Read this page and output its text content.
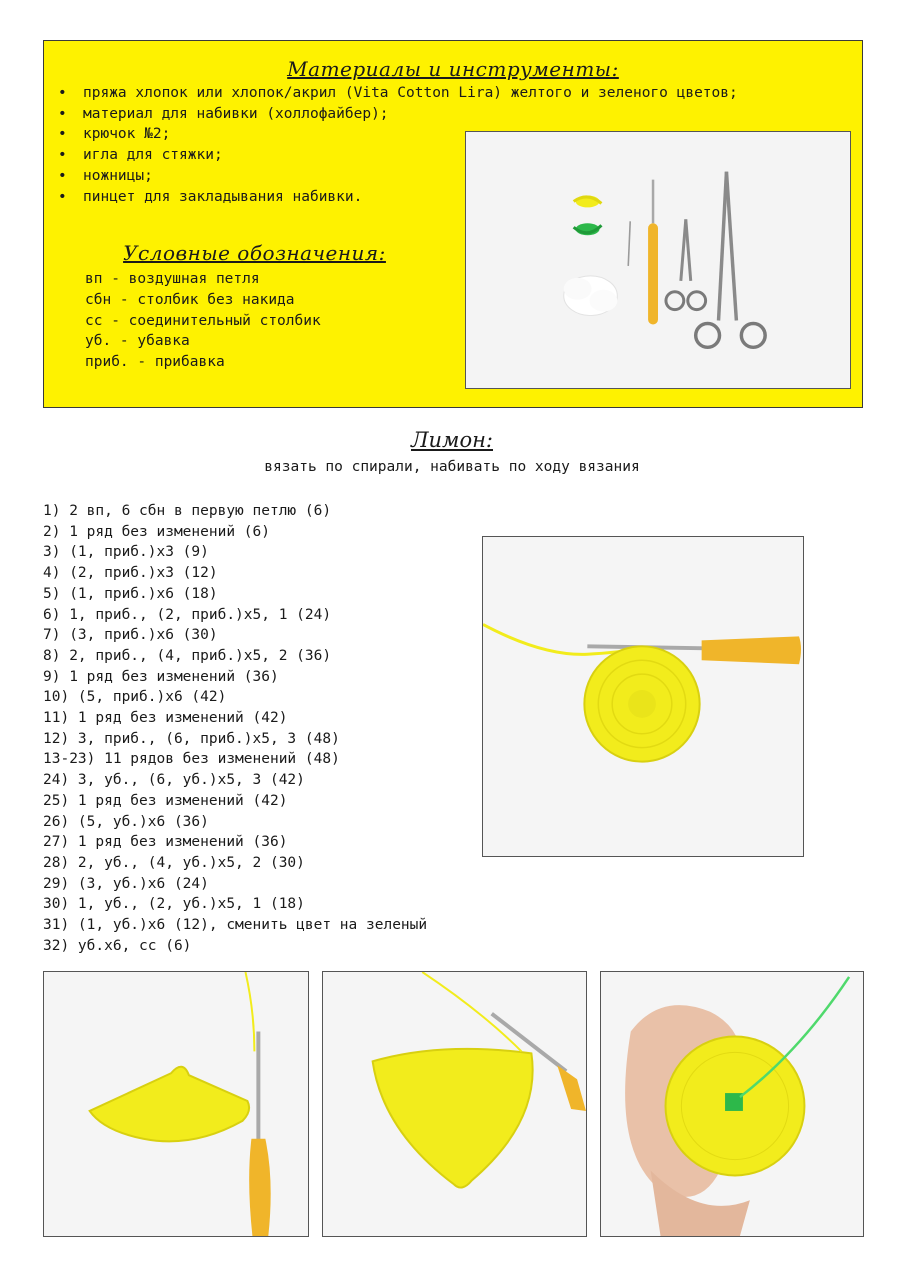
Материалы и инструменты:
• пряжа хлопок или хлопок/акрил (Vita Cotton Lira) желтого и зеленого цветов;
• материал для набивки (холлофайбер);
• крючок №2;
• игла для стяжки;
• ножницы;
• пинцет для закладывания набивки.
Условные обозначения:
вп - воздушная петля
сбн - столбик без накида
сс - соединительный столбик
уб. - убавка
приб. - прибавка
Лимон:
вязать по спирали, набивать по ходу вязания
1) 2 вп, 6 сбн в первую петлю (6)
2) 1 ряд без изменений (6)
3) (1, приб.)х3 (9)
4) (2, приб.)х3 (12)
5) (1, приб.)х6 (18)
6) 1, приб., (2, приб.)х5, 1 (24)
7) (3, приб.)х6 (30)
8) 2, приб., (4, приб.)х5, 2 (36)
9) 1 ряд без изменений (36)
10) (5, приб.)х6 (42)
11) 1 ряд без изменений (42)
12) 3, приб., (6, приб.)х5, 3 (48)
13-23) 11 рядов без изменений (48)
24) 3, уб., (6, уб.)х5, 3 (42)
25) 1 ряд без изменений (42)
26) (5, уб.)х6 (36)
27) 1 ряд без изменений (36)
28) 2, уб., (4, уб.)х5, 2 (30)
29) (3, уб.)х6 (24)
30) 1, уб., (2, уб.)х5, 1 (18)
31) (1, уб.)х6 (12), сменить цвет на зеленый
32) уб.х6, сс (6)
